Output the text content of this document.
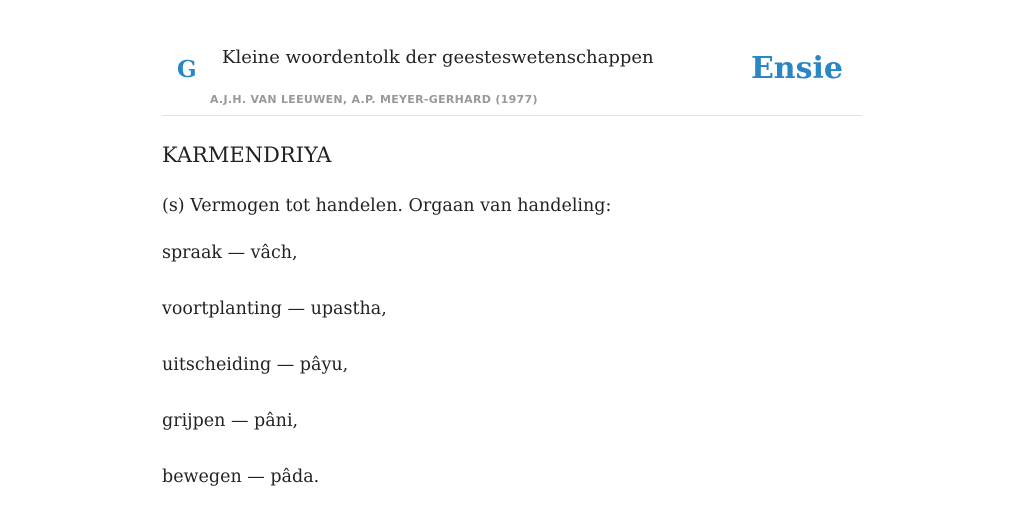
G Kleine woordentolk der geesteswetenschappen
A.J.H. VAN LEEUWEN, A.P. MEYER-GERHARD (1977)
Ensie
KARMENDRIYA
(s) Vermogen tot handelen. Orgaan van handeling:
spraak — vâch,
voortplanting — upastha,
uitscheiding — pâyu,
grijpen — pâni,
bewegen — pâda.
